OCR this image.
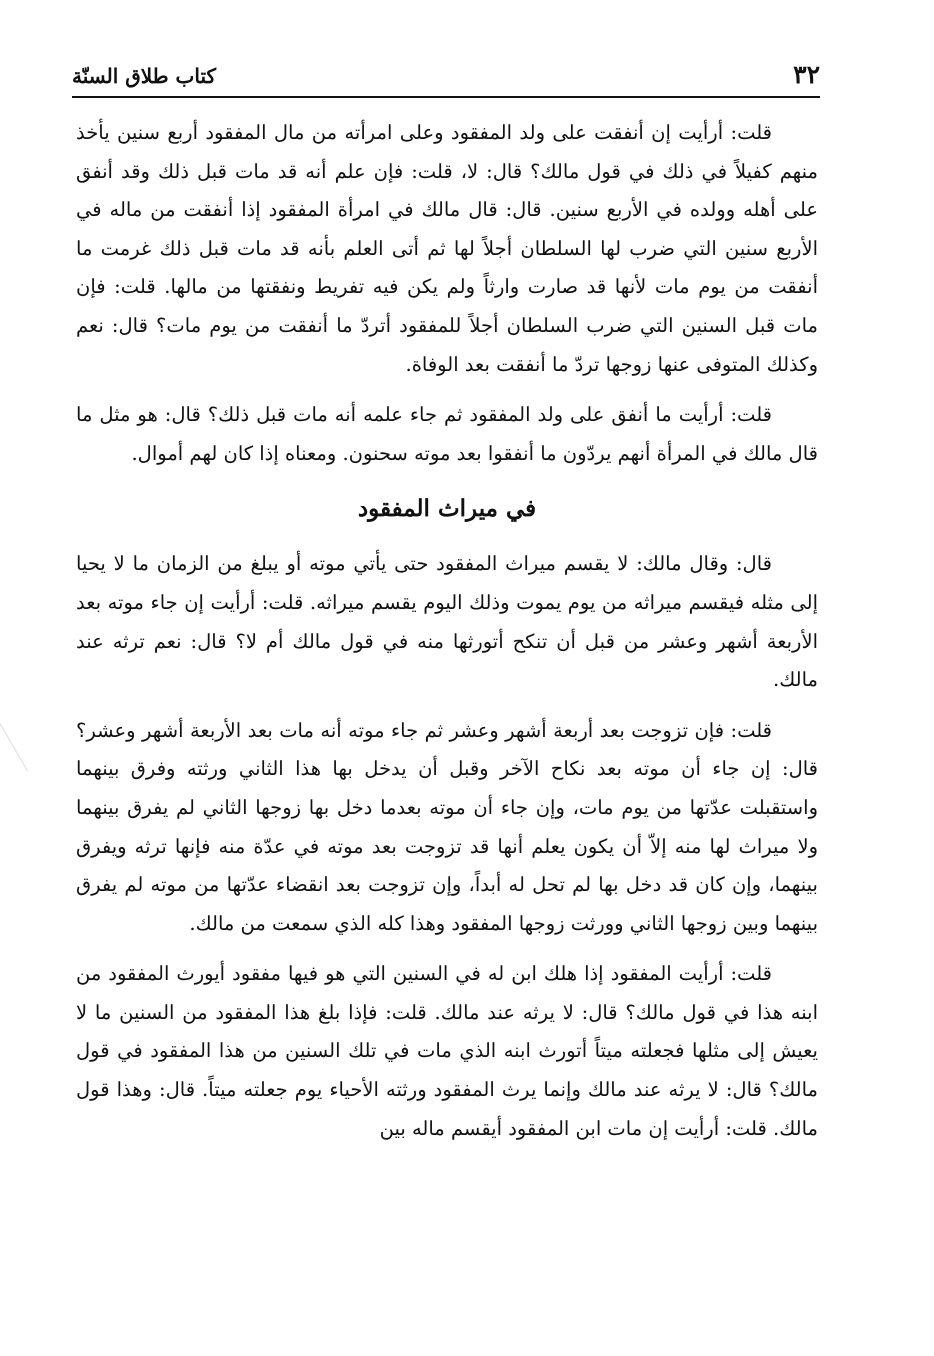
٣٢
كتاب طلاق السنّة

قلت: أرأيت إن أنفقت على ولد المفقود وعلى امرأته من مال المفقود أربع سنين يأخذ منهم كفيلاً في ذلك في قول مالك؟ قال: لا، قلت: فإن علم أنه قد مات قبل ذلك وقد أنفق على أهله وولده في الأربع سنين. قال: قال مالك في امرأة المفقود إذا أنفقت من ماله في الأربع سنين التي ضرب لها السلطان أجلاً لها ثم أتى العلم بأنه قد مات قبل ذلك غرمت ما أنفقت من يوم مات لأنها قد صارت وارثاً ولم يكن فيه تفريط ونفقتها من مالها. قلت: فإن مات قبل السنين التي ضرب السلطان أجلاً للمفقود أتردّ ما أنفقت من يوم مات؟ قال: نعم وكذلك المتوفى عنها زوجها تردّ ما أنفقت بعد الوفاة.

قلت: أرأيت ما أنفق على ولد المفقود ثم جاء علمه أنه مات قبل ذلك؟ قال: هو مثل ما قال مالك في المرأة أنهم يردّون ما أنفقوا بعد موته سحنون. ومعناه إذا كان لهم أموال.

في ميراث المفقود

قال: وقال مالك: لا يقسم ميراث المفقود حتى يأتي موته أو يبلغ من الزمان ما لا يحيا إلى مثله فيقسم ميراثه من يوم يموت وذلك اليوم يقسم ميراثه. قلت: أرأيت إن جاء موته بعد الأربعة أشهر وعشر من قبل أن تنكح أتورثها منه في قول مالك أم لا؟ قال: نعم ترثه عند مالك.

قلت: فإن تزوجت بعد أربعة أشهر وعشر ثم جاء موته أنه مات بعد الأربعة أشهر وعشر؟ قال: إن جاء أن موته بعد نكاح الآخر وقبل أن يدخل بها هذا الثاني ورثته وفرق بينهما واستقبلت عدّتها من يوم مات، وإن جاء أن موته بعدما دخل بها زوجها الثاني لم يفرق بينهما ولا ميراث لها منه إلاّ أن يكون يعلم أنها قد تزوجت بعد موته في عدّة منه فإنها ترثه ويفرق بينهما، وإن كان قد دخل بها لم تحل له أبداً، وإن تزوجت بعد انقضاء عدّتها من موته لم يفرق بينهما وبين زوجها الثاني وورثت زوجها المفقود وهذا كله الذي سمعت من مالك.

قلت: أرأيت المفقود إذا هلك ابن له في السنين التي هو فيها مفقود أيورث المفقود من ابنه هذا في قول مالك؟ قال: لا يرثه عند مالك. قلت: فإذا بلغ هذا المفقود من السنين ما لا يعيش إلى مثلها فجعلته ميتاً أتورث ابنه الذي مات في تلك السنين من هذا المفقود في قول مالك؟ قال: لا يرثه عند مالك وإنما يرث المفقود ورثته الأحياء يوم جعلته ميتاً. قال: وهذا قول مالك. قلت: أرأيت إن مات ابن المفقود أيقسم ماله بين
